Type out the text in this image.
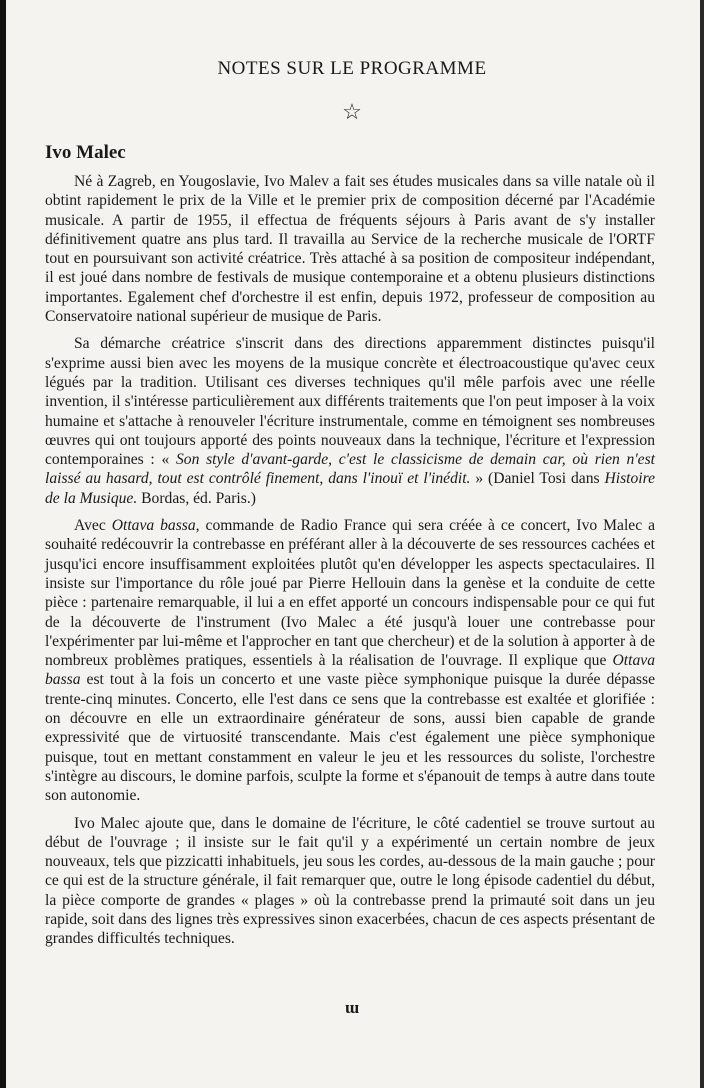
NOTES SUR LE PROGRAMME
☆
Ivo Malec

Né à Zagreb, en Yougoslavie, Ivo Malev a fait ses études musicales dans sa ville natale où il obtint rapidement le prix de la Ville et le premier prix de composition décerné par l'Académie musicale. A partir de 1955, il effectua de fréquents séjours à Paris avant de s'y installer définitivement quatre ans plus tard. Il travailla au Service de la recherche musicale de l'ORTF tout en poursuivant son activité créatrice. Très attaché à sa position de compositeur indépendant, il est joué dans nombre de festivals de musique contemporaine et a obtenu plusieurs distinctions importantes. Egalement chef d'orchestre il est enfin, depuis 1972, professeur de composition au Conservatoire national supérieur de musique de Paris.

Sa démarche créatrice s'inscrit dans des directions apparemment distinctes puisqu'il s'exprime aussi bien avec les moyens de la musique concrète et électroacoustique qu'avec ceux légués par la tradition. Utilisant ces diverses techniques qu'il mêle parfois avec une réelle invention, il s'intéresse particulièrement aux différents traitements que l'on peut imposer à la voix humaine et s'attache à renouveler l'écriture instrumentale, comme en témoignent ses nombreuses œuvres qui ont toujours apporté des points nouveaux dans la technique, l'écriture et l'expression contemporaines : « Son style d'avant-garde, c'est le classicisme de demain car, où rien n'est laissé au hasard, tout est contrôlé finement, dans l'inouï et l'inédit. » (Daniel Tosi dans Histoire de la Musique. Bordas, éd. Paris.)

Avec Ottava bassa, commande de Radio France qui sera créée à ce concert, Ivo Malec a souhaité redécouvrir la contrebasse en préférant aller à la découverte de ses ressources cachées et jusqu'ici encore insuffisamment exploitées plutôt qu'en développer les aspects spectaculaires. Il insiste sur l'importance du rôle joué par Pierre Hellouin dans la genèse et la conduite de cette pièce : partenaire remarquable, il lui a en effet apporté un concours indispensable pour ce qui fut de la découverte de l'instrument (Ivo Malec a été jusqu'à louer une contrebasse pour l'expérimenter par lui-même et l'approcher en tant que chercheur) et de la solution à apporter à de nombreux problèmes pratiques, essentiels à la réalisation de l'ouvrage. Il explique que Ottava bassa est tout à la fois un concerto et une vaste pièce symphonique puisque la durée dépasse trente-cinq minutes. Concerto, elle l'est dans ce sens que la contrebasse est exaltée et glorifiée : on découvre en elle un extraordinaire générateur de sons, aussi bien capable de grande expressivité que de virtuosité transcendante. Mais c'est également une pièce symphonique puisque, tout en mettant constamment en valeur le jeu et les ressources du soliste, l'orchestre s'intègre au discours, le domine parfois, sculpte la forme et s'épanouit de temps à autre dans toute son autonomie.

Ivo Malec ajoute que, dans le domaine de l'écriture, le côté cadentiel se trouve surtout au début de l'ouvrage ; il insiste sur le fait qu'il y a expérimenté un certain nombre de jeux nouveaux, tels que pizzicatti inhabituels, jeu sous les cordes, au-dessous de la main gauche ; pour ce qui est de la structure générale, il fait remarquer que, outre le long épisode cadentiel du début, la pièce comporte de grandes « plages » où la contrebasse prend la primauté soit dans un jeu rapide, soit dans des lignes très expressives sinon exacerbées, chacun de ces aspects présentant de grandes difficultés techniques.

ɯ
